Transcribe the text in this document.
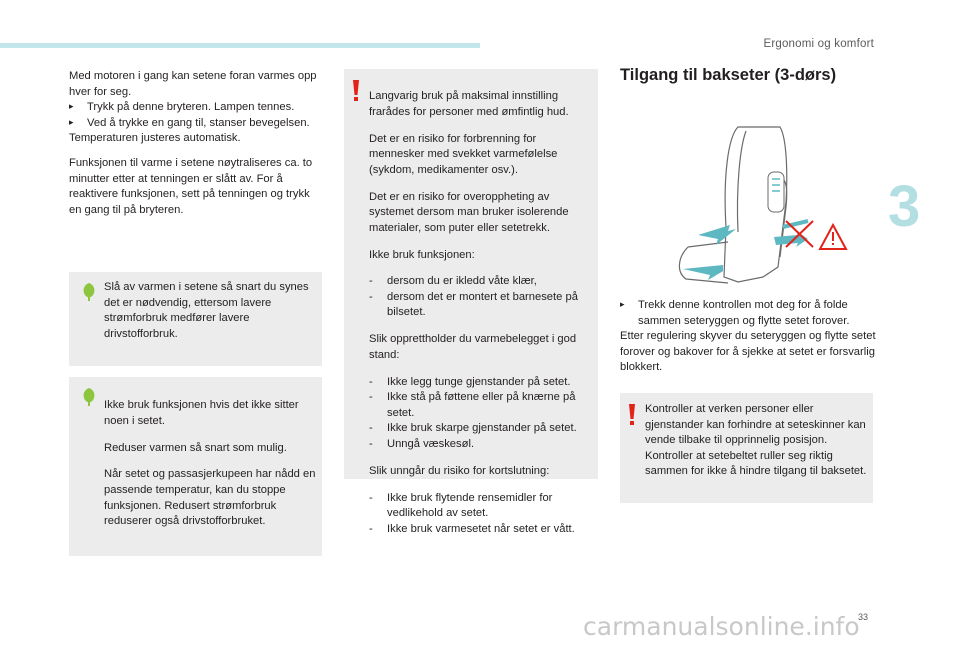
Ergonomi og komfort
3

Med motoren i gang kan setene foran varmes opp hver for seg.

▸	Trykk på denne bryteren. Lampen tennes.
▸	Ved å trykke en gang til, stanser bevegelsen.

Temperaturen justeres automatisk.

Funksjonen til varme i setene nøytraliseres ca. to minutter etter at tenningen er slått av. For å reaktivere funksjonen, sett på tenningen og trykk en gang til på bryteren.

Slå av varmen i setene så snart du synes det er nødvendig, ettersom lavere strømforbruk medfører lavere drivstofforbruk.

Ikke bruk funksjonen hvis det ikke sitter noen i setet.

Reduser varmen så snart som mulig.

Når setet og passasjerkupeen har nådd en passende temperatur, kan du stoppe funksjonen. Redusert strømforbruk reduserer også drivstofforbruket.

Langvarig bruk på maksimal innstilling frarådes for personer med ømfintlig hud.

Det er en risiko for forbrenning for mennesker med svekket varmefølelse (sykdom, medikamenter osv.).

Det er en risiko for overoppheting av systemet dersom man bruker isolerende materialer, som puter eller setetrekk.

Ikke bruk funksjonen:

-	dersom du er ikledd våte klær,
-	dersom det er montert et barnesete på bilsetet.

Slik opprettholder du varmebelegget i god stand:

-	Ikke legg tunge gjenstander på setet.
-	Ikke stå på føttene eller på knærne på setet.
-	Ikke bruk skarpe gjenstander på setet.
-	Unngå væskesøl.

Slik unngår du risiko for kortslutning:

-	Ikke bruk flytende rensemidler for vedlikehold av setet.
-	Ikke bruk varmesetet når setet er vått.
Tilgang til bakseter (3-dørs)
▸	Trekk denne kontrollen mot deg for å folde sammen seteryggen og flytte setet forover.

Etter regulering skyver du seteryggen og flytte setet forover og bakover for å sjekke at setet er forsvarlig blokkert.

Kontroller at verken personer eller gjenstander kan forhindre at seteskinner kan vende tilbake til opprinnelig posisjon. Kontroller at setebeltet ruller seg riktig sammen for ikke å hindre tilgang til baksetet.
33
carmanualsonline.info
